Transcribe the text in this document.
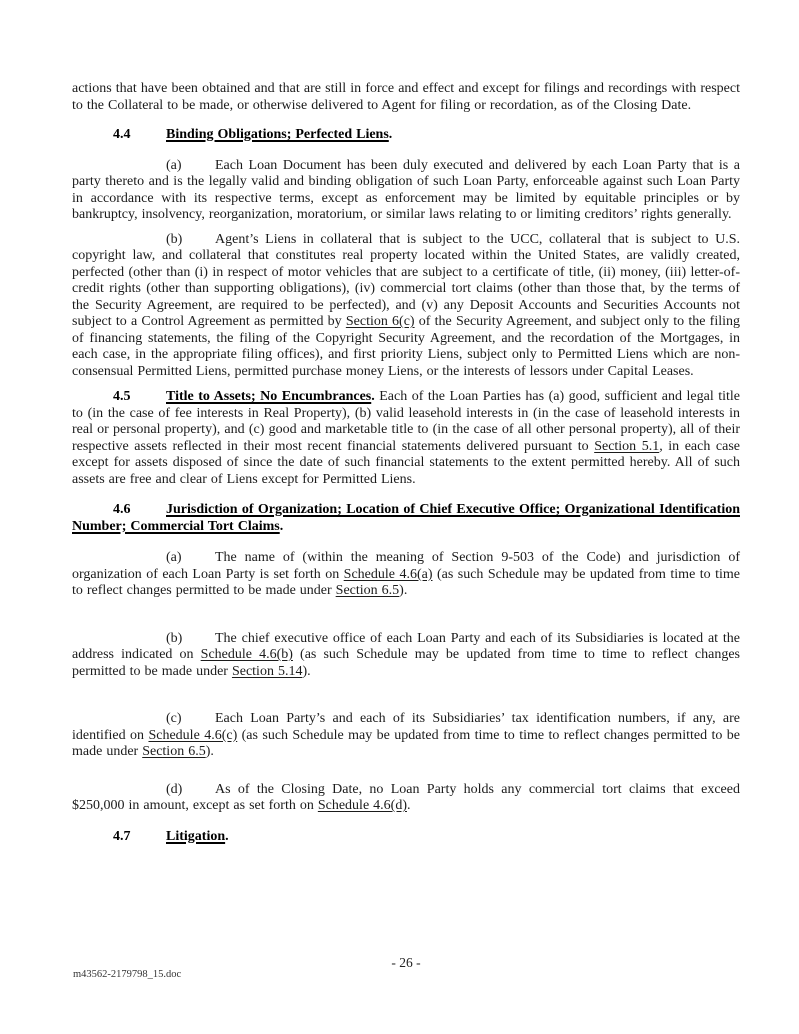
actions that have been obtained and that are still in force and effect and except for filings and recordings with respect to the Collateral to be made, or otherwise delivered to Agent for filing or recordation, as of the Closing Date.

4.4	Binding Obligations; Perfected Liens.

(a) Each Loan Document has been duly executed and delivered by each Loan Party that is a party thereto and is the legally valid and binding obligation of such Loan Party, enforceable against such Loan Party in accordance with its respective terms, except as enforcement may be limited by equitable principles or by bankruptcy, insolvency, reorganization, moratorium, or similar laws relating to or limiting creditors’ rights generally.

(b) Agent’s Liens in collateral that is subject to the UCC, collateral that is subject to U.S. copyright law, and collateral that constitutes real property located within the United States, are validly created, perfected (other than (i) in respect of motor vehicles that are subject to a certificate of title, (ii) money, (iii) letter-of-credit rights (other than supporting obligations), (iv) commercial tort claims (other than those that, by the terms of the Security Agreement, are required to be perfected), and (v) any Deposit Accounts and Securities Accounts not subject to a Control Agreement as permitted by Section 6(c) of the Security Agreement, and subject only to the filing of financing statements, the filing of the Copyright Security Agreement, and the recordation of the Mortgages, in each case, in the appropriate filing offices), and first priority Liens, subject only to Permitted Liens which are non-consensual Permitted Liens, permitted purchase money Liens, or the interests of lessors under Capital Leases.

4.5	Title to Assets; No Encumbrances. Each of the Loan Parties has (a) good, sufficient and legal title to (in the case of fee interests in Real Property), (b) valid leasehold interests in (in the case of leasehold interests in real or personal property), and (c) good and marketable title to (in the case of all other personal property), all of their respective assets reflected in their most recent financial statements delivered pursuant to Section 5.1, in each case except for assets disposed of since the date of such financial statements to the extent permitted hereby. All of such assets are free and clear of Liens except for Permitted Liens.

4.6	Jurisdiction of Organization; Location of Chief Executive Office; Organizational Identification Number; Commercial Tort Claims.

(a) The name of (within the meaning of Section 9-503 of the Code) and jurisdiction of organization of each Loan Party is set forth on Schedule 4.6(a) (as such Schedule may be updated from time to time to reflect changes permitted to be made under Section 6.5).

(b) The chief executive office of each Loan Party and each of its Subsidiaries is located at the address indicated on Schedule 4.6(b) (as such Schedule may be updated from time to time to reflect changes permitted to be made under Section 5.14).

(c) Each Loan Party’s and each of its Subsidiaries’ tax identification numbers, if any, are identified on Schedule 4.6(c) (as such Schedule may be updated from time to time to reflect changes permitted to be made under Section 6.5).

(d) As of the Closing Date, no Loan Party holds any commercial tort claims that exceed $250,000 in amount, except as set forth on Schedule 4.6(d).

4.7	Litigation.

- 26 -
m43562-2179798_15.doc
